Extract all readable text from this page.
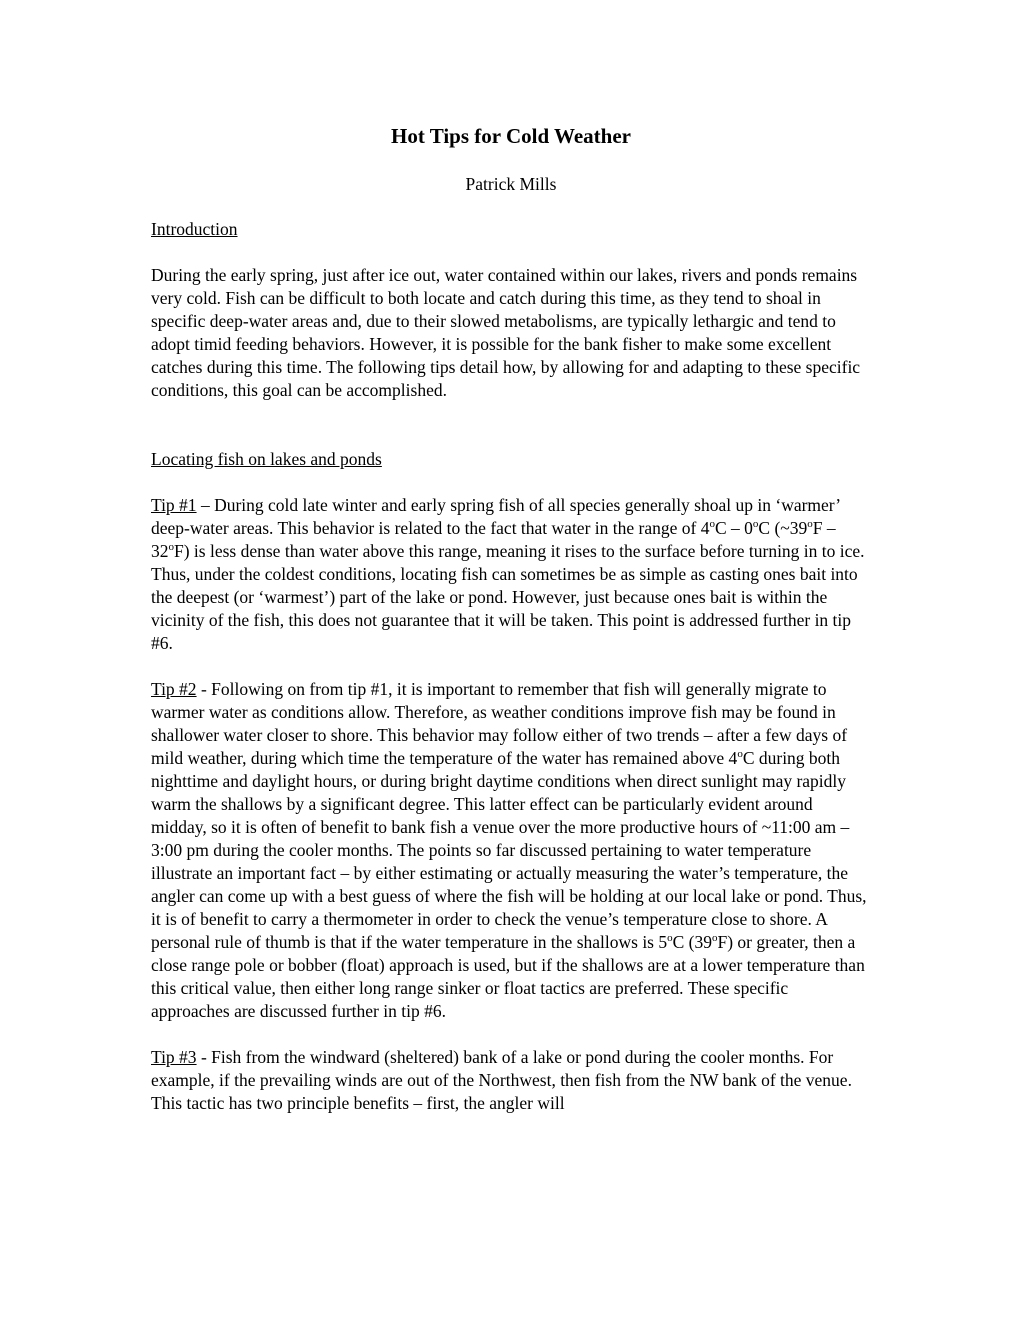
Hot Tips for Cold Weather

Patrick Mills

Introduction

During the early spring, just after ice out, water contained within our lakes, rivers and ponds remains very cold. Fish can be difficult to both locate and catch during this time, as they tend to shoal in specific deep-water areas and, due to their slowed metabolisms, are typically lethargic and tend to adopt timid feeding behaviors. However, it is possible for the bank fisher to make some excellent catches during this time. The following tips detail how, by allowing for and adapting to these specific conditions, this goal can be accomplished.

Locating fish on lakes and ponds

Tip #1 – During cold late winter and early spring fish of all species generally shoal up in ‘warmer’ deep-water areas. This behavior is related to the fact that water in the range of 4$^o$C – 0$^o$C (~39$^o$F – 32$^o$F) is less dense than water above this range, meaning it rises to the surface before turning in to ice. Thus, under the coldest conditions, locating fish can sometimes be as simple as casting ones bait into the deepest (or ‘warmest’) part of the lake or pond. However, just because ones bait is within the vicinity of the fish, this does not guarantee that it will be taken. This point is addressed further in tip #6.

Tip #2 - Following on from tip #1, it is important to remember that fish will generally migrate to warmer water as conditions allow. Therefore, as weather conditions improve fish may be found in shallower water closer to shore. This behavior may follow either of two trends – after a few days of mild weather, during which time the temperature of the water has remained above 4$^o$C during both nighttime and daylight hours, or during bright daytime conditions when direct sunlight may rapidly warm the shallows by a significant degree. This latter effect can be particularly evident around midday, so it is often of benefit to bank fish a venue over the more productive hours of ~11:00 am – 3:00 pm during the cooler months. The points so far discussed pertaining to water temperature illustrate an important fact – by either estimating or actually measuring the water’s temperature, the angler can come up with a best guess of where the fish will be holding at our local lake or pond. Thus, it is of benefit to carry a thermometer in order to check the venue’s temperature close to shore. A personal rule of thumb is that if the water temperature in the shallows is 5$^o$C (39$^o$F) or greater, then a close range pole or bobber (float) approach is used, but if the shallows are at a lower temperature than this critical value, then either long range sinker or float tactics are preferred. These specific approaches are discussed further in tip #6.

Tip #3 - Fish from the windward (sheltered) bank of a lake or pond during the cooler months. For example, if the prevailing winds are out of the Northwest, then fish from the NW bank of the venue. This tactic has two principle benefits – first, the angler will
